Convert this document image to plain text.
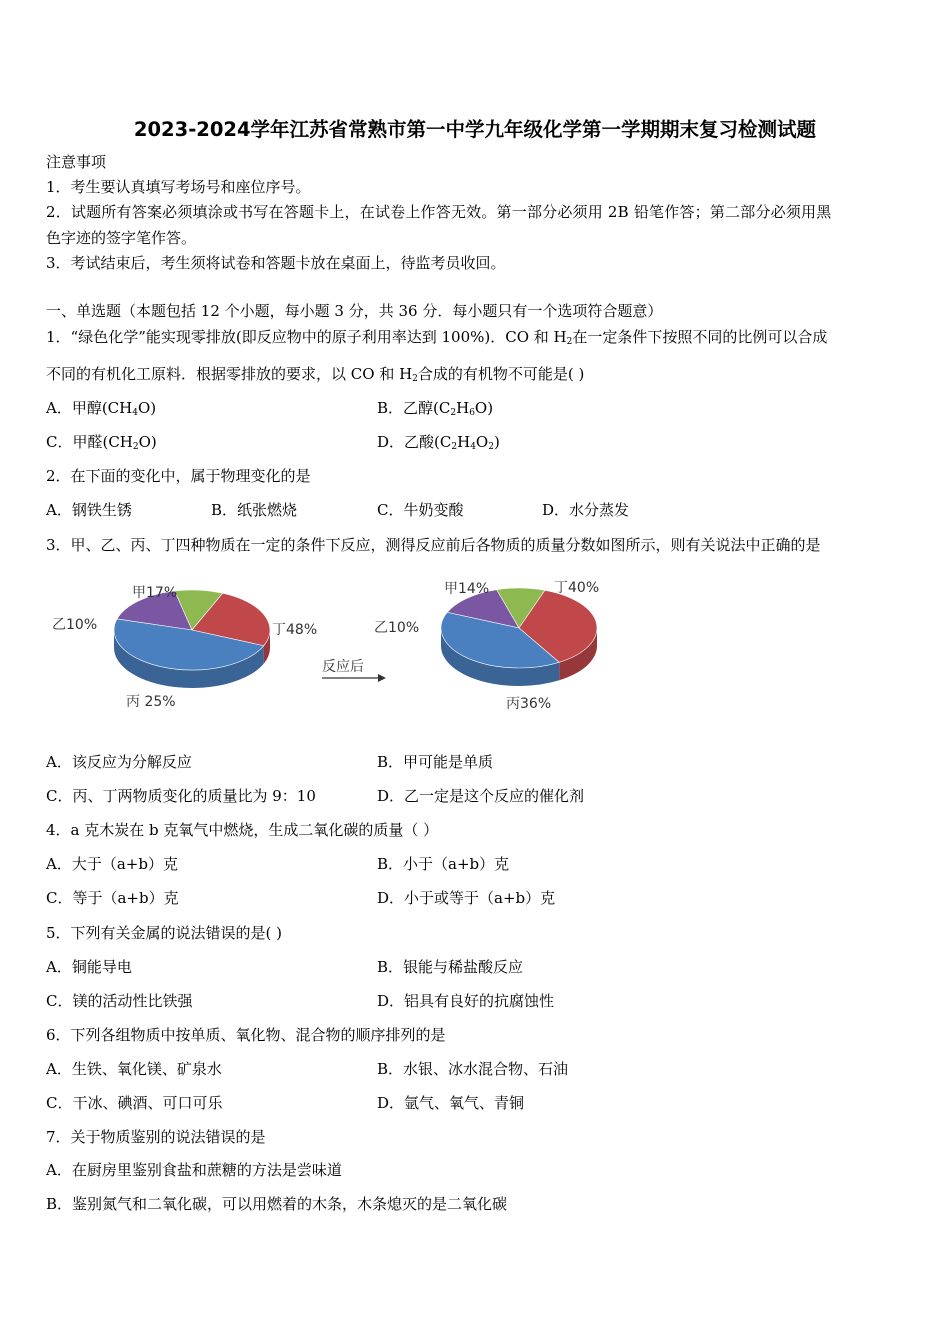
2023-2024学年江苏省常熟市第一中学九年级化学第一学期期末复习检测试题
注意事项
1．考生要认真填写考场号和座位序号。
2．试题所有答案必须填涂或书写在答题卡上，在试卷上作答无效。第一部分必须用 2B 铅笔作答；第二部分必须用黑
色字迹的签字笔作答。
3．考试结束后，考生须将试卷和答题卡放在桌面上，待监考员收回。
一、单选题（本题包括 12 个小题，每小题 3 分，共 36 分．每小题只有一个选项符合题意）
1．“绿色化学”能实现零排放(即反应物中的原子利用率达到 100%)．CO 和 $H_2$在一定条件下按照不同的比例可以合成
不同的有机化工原料．根据零排放的要求，以 CO 和 $H_2$合成的有机物不可能是( )
A．甲醇$(CH_4O)$	B．乙醇$(C_2H_6O)$
C．甲醛$(CH_2O)$	D．乙酸$(C_2H_4O_2)$
2．在下面的变化中，属于物理变化的是
A．钢铁生锈	B．纸张燃烧	C．牛奶变酸	D．水分蒸发
3．甲、乙、丙、丁四种物质在一定的条件下反应，测得反应前后各物质的质量分数如图所示，则有关说法中正确的是
甲17%
乙10%	丁48%
丙 25%
反应后
甲14%	丁40%
乙10%
丙36%
A．该反应为分解反应	B．甲可能是单质
C．丙、丁两物质变化的质量比为 9：10	D．乙一定是这个反应的催化剂
4．a 克木炭在 b 克氧气中燃烧，生成二氧化碳的质量（ ）
A．大于（a+b）克	B．小于（a+b）克
C．等于（a+b）克	D．小于或等于（a+b）克
5．下列有关金属的说法错误的是( )
A．铜能导电	B．银能与稀盐酸反应
C．镁的活动性比铁强	D．铝具有良好的抗腐蚀性
6．下列各组物质中按单质、氧化物、混合物的顺序排列的是
A．生铁、氧化镁、矿泉水	B．水银、冰水混合物、石油
C．干冰、碘酒、可口可乐	D．氩气、氧气、青铜
7．关于物质鉴别的说法错误的是
A．在厨房里鉴别食盐和蔗糖的方法是尝味道
B．鉴别氮气和二氧化碳，可以用燃着的木条，木条熄灭的是二氧化碳
